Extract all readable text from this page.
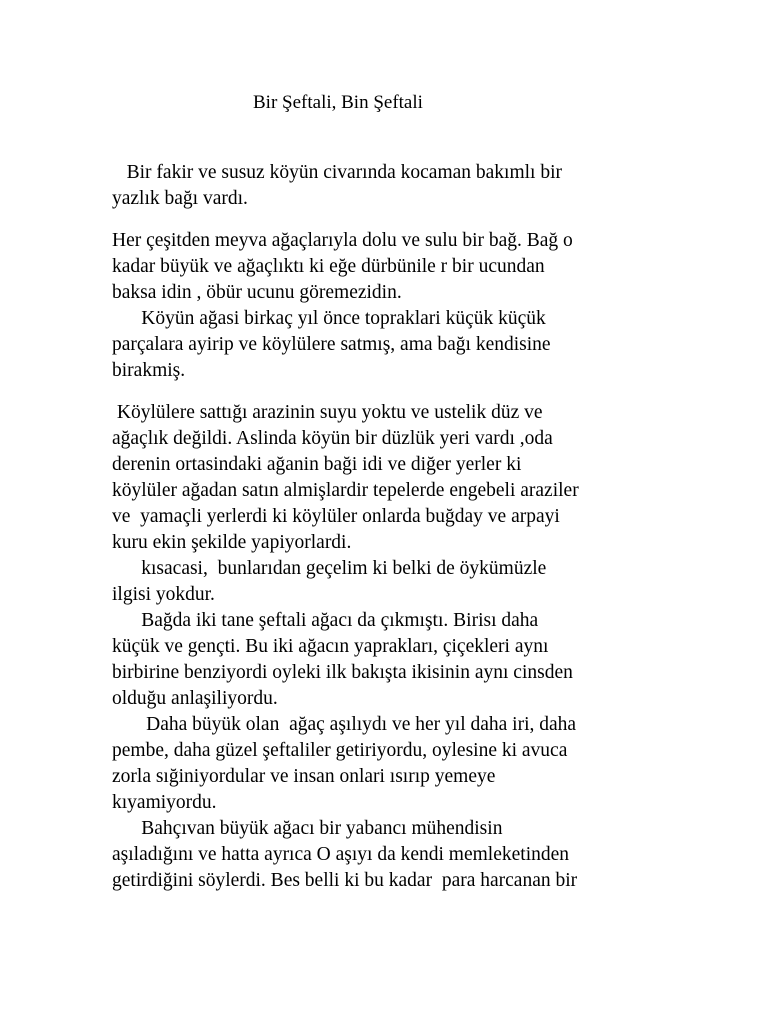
Bir Şeftali, Bin Şeftali
Bir fakir ve susuz köyün civarında kocaman bakımlı bir
yazlık bağı vardı.
Her çeşitden meyva ağaçlarıyla dolu ve sulu bir bağ. Bağ o
kadar büyük ve ağaçlıktı ki eğe dürbünile r bir ucundan
baksa idin , öbür ucunu göremezidin.
Köyün ağasi birkaç yıl önce topraklari küçük küçük
parçalara ayirip ve köylülere satmış, ama bağı kendisine
birakmiş.
Köylülere sattığı arazinin suyu yoktu ve ustelik düz ve
ağaçlık değildi. Aslinda köyün bir düzlük yeri vardı ,oda
derenin ortasindaki ağanin baği idi ve diğer yerler ki
köylüler ağadan satın almişlardir tepelerde engebeli araziler
ve  yamaçli yerlerdi ki köylüler onlarda buğday ve arpayi
kuru ekin şekilde yapiyorlardi.
kısacasi,  bunlarıdan geçelim ki belki de öykümüzle
ilgisi yokdur.
Bağda iki tane şeftali ağacı da çıkmıştı. Birisı daha
küçük ve gençti. Bu iki ağacın yaprakları, çiçekleri aynı
birbirine benziyordi oyleki ilk bakışta ikisinin aynı cinsden
olduğu anlaşiliyordu.
Daha büyük olan  ağaç aşılıydı ve her yıl daha iri, daha
pembe, daha güzel şeftaliler getiriyordu, oylesine ki avuca
zorla sığiniyordular ve insan onlari ısırıp yemeye
kıyamiyordu.
Bahçıvan büyük ağacı bir yabancı mühendisin
aşıladığını ve hatta ayrıca O aşıyı da kendi memleketinden
getirdiğini söylerdi. Bes belli ki bu kadar  para harcanan bir
